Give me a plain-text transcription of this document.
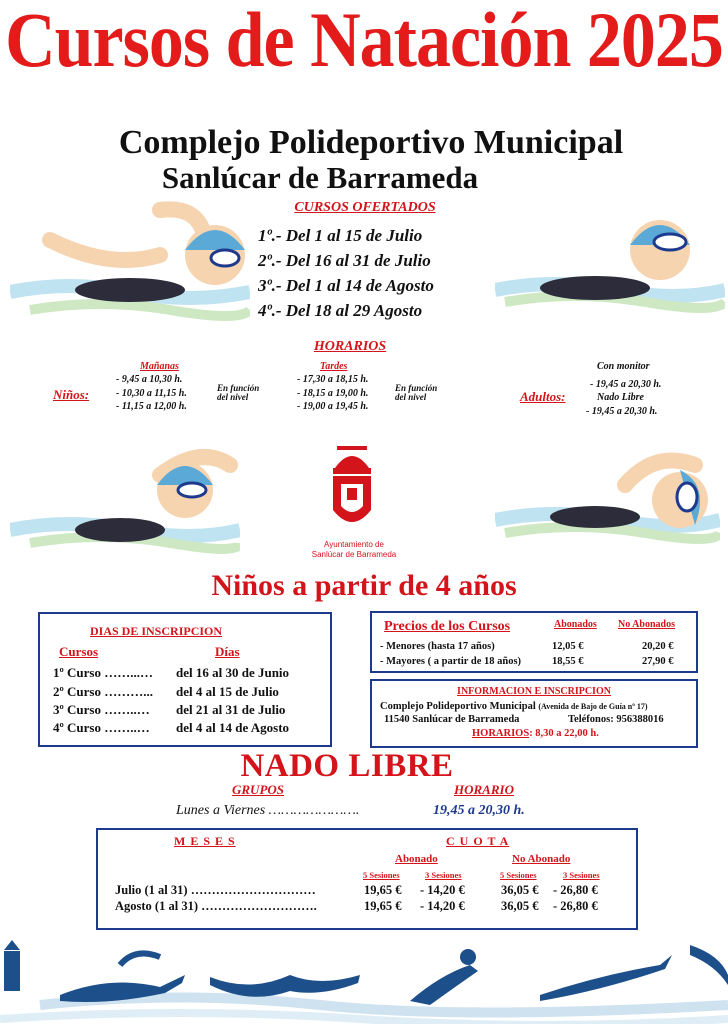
Cursos de Natación 2025
Complejo Polideportivo Municipal
Sanlúcar de Barrameda
CURSOS OFERTADOS
1º.- Del 1 al 15 de Julio
2º.- Del 16 al 31 de Julio
3º.- Del 1 al 14 de Agosto
4º.- Del 18 al 29 Agosto
HORARIOS
Niños:
Mañanas
- 9,45 a 10,30 h.
- 10,30 a 11,15 h.
- 11,15 a 12,00 h.
En función del nivel
Tardes
- 17,30 a 18,15 h.
- 18,15 a 19,00 h.
- 19,00 a 19,45 h.
En función del nivel	Adultos:
Con monitor
- 19,45 a 20,30 h.
Nado Libre
- 19,45 a 20,30 h.
Ayuntamiento de
Sanlúcar de Barrameda
Niños a partir de 4 años
DIAS DE INSCRIPCION
Cursos	Días
1º Curso ……...… del 16 al 30 de Junio
2º Curso ………... del 4 al 15 de Julio
3º Curso ……..… del 21 al 31 de Julio
4º Curso ……..… del 4 al 14 de Agosto
Precios de los Cursos	Abonados No Abonados
- Menores (hasta 17 años)	12,05 €	20,20 €
- Mayores ( a partir de 18 años)	18,55 €	27,90 €
INFORMACION E INSCRIPCION
Complejo Polideportivo Municipal (Avenida de Bajo de Guía nº 17)
11540 Sanlúcar de Barrameda	Teléfonos: 956388016
HORARIOS: 8,30 a 22,00 h.
NADO LIBRE
GRUPOS	HORARIO
Lunes a Viernes ………………….	19,45 a 20,30 h.
M E S E S	C U O T A
Abonado	No Abonado
5 Sesiones	3 Sesiones	5 Sesiones	3 Sesiones
Julio (1 al 31) …………………………	19,65 € - 14,20 €	36,05 € - 26,80 €
Agosto (1 al 31) ……………………….	19,65 € - 14,20 €	36,05 € - 26,80 €
